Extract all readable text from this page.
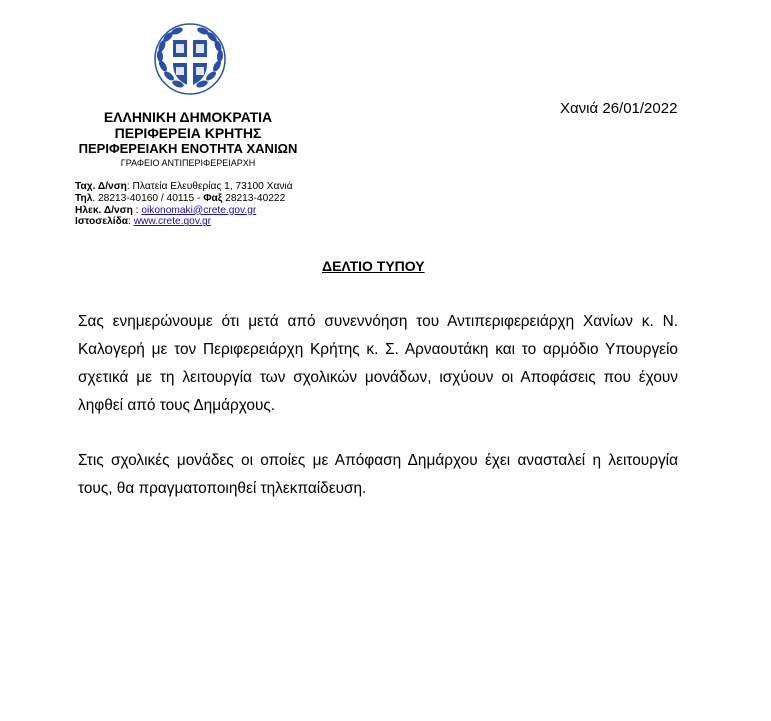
Χανιά 26/01/2022
ΕΛΛΗΝΙΚΗ ΔΗΜΟΚΡΑΤΙΑ
ΠΕΡΙΦΕΡΕΙΑ ΚΡΗΤΗΣ
ΠΕΡΙΦΕΡΕΙΑΚΗ ΕΝΟΤΗΤΑ ΧΑΝΙΩΝ
ΓΡΑΦΕΙΟ ΑΝΤΙΠΕΡΙΦΕΡΕΙΑΡΧΗ
Ταχ. Δ/νση: Πλατεία Ελευθερίας 1, 73100 Χανιά
Τηλ. 28213-40160 / 40115 - Φαξ 28213-40222
Ηλεκ. Δ/νση : oikonomaki@crete.gov.gr
Ιστοσελίδα: www.crete.gov.gr
ΔΕΛΤΙΟ ΤΥΠΟΥ
Σας ενημερώνουμε ότι μετά από συνεννόηση του Αντιπεριφερειάρχη Χανίων κ. Ν. Καλογερή με τον Περιφερειάρχη Κρήτης κ. Σ. Αρναουτάκη και το αρμόδιο Υπουργείο σχετικά με τη λειτουργία των σχολικών μονάδων, ισχύουν οι Αποφάσεις που έχουν ληφθεί από τους Δημάρχους.
Στις σχολικές μονάδες οι οποίες με Απόφαση Δημάρχου έχει ανασταλεί η λειτουργία τους, θα πραγματοποιηθεί τηλεκπαίδευση.
